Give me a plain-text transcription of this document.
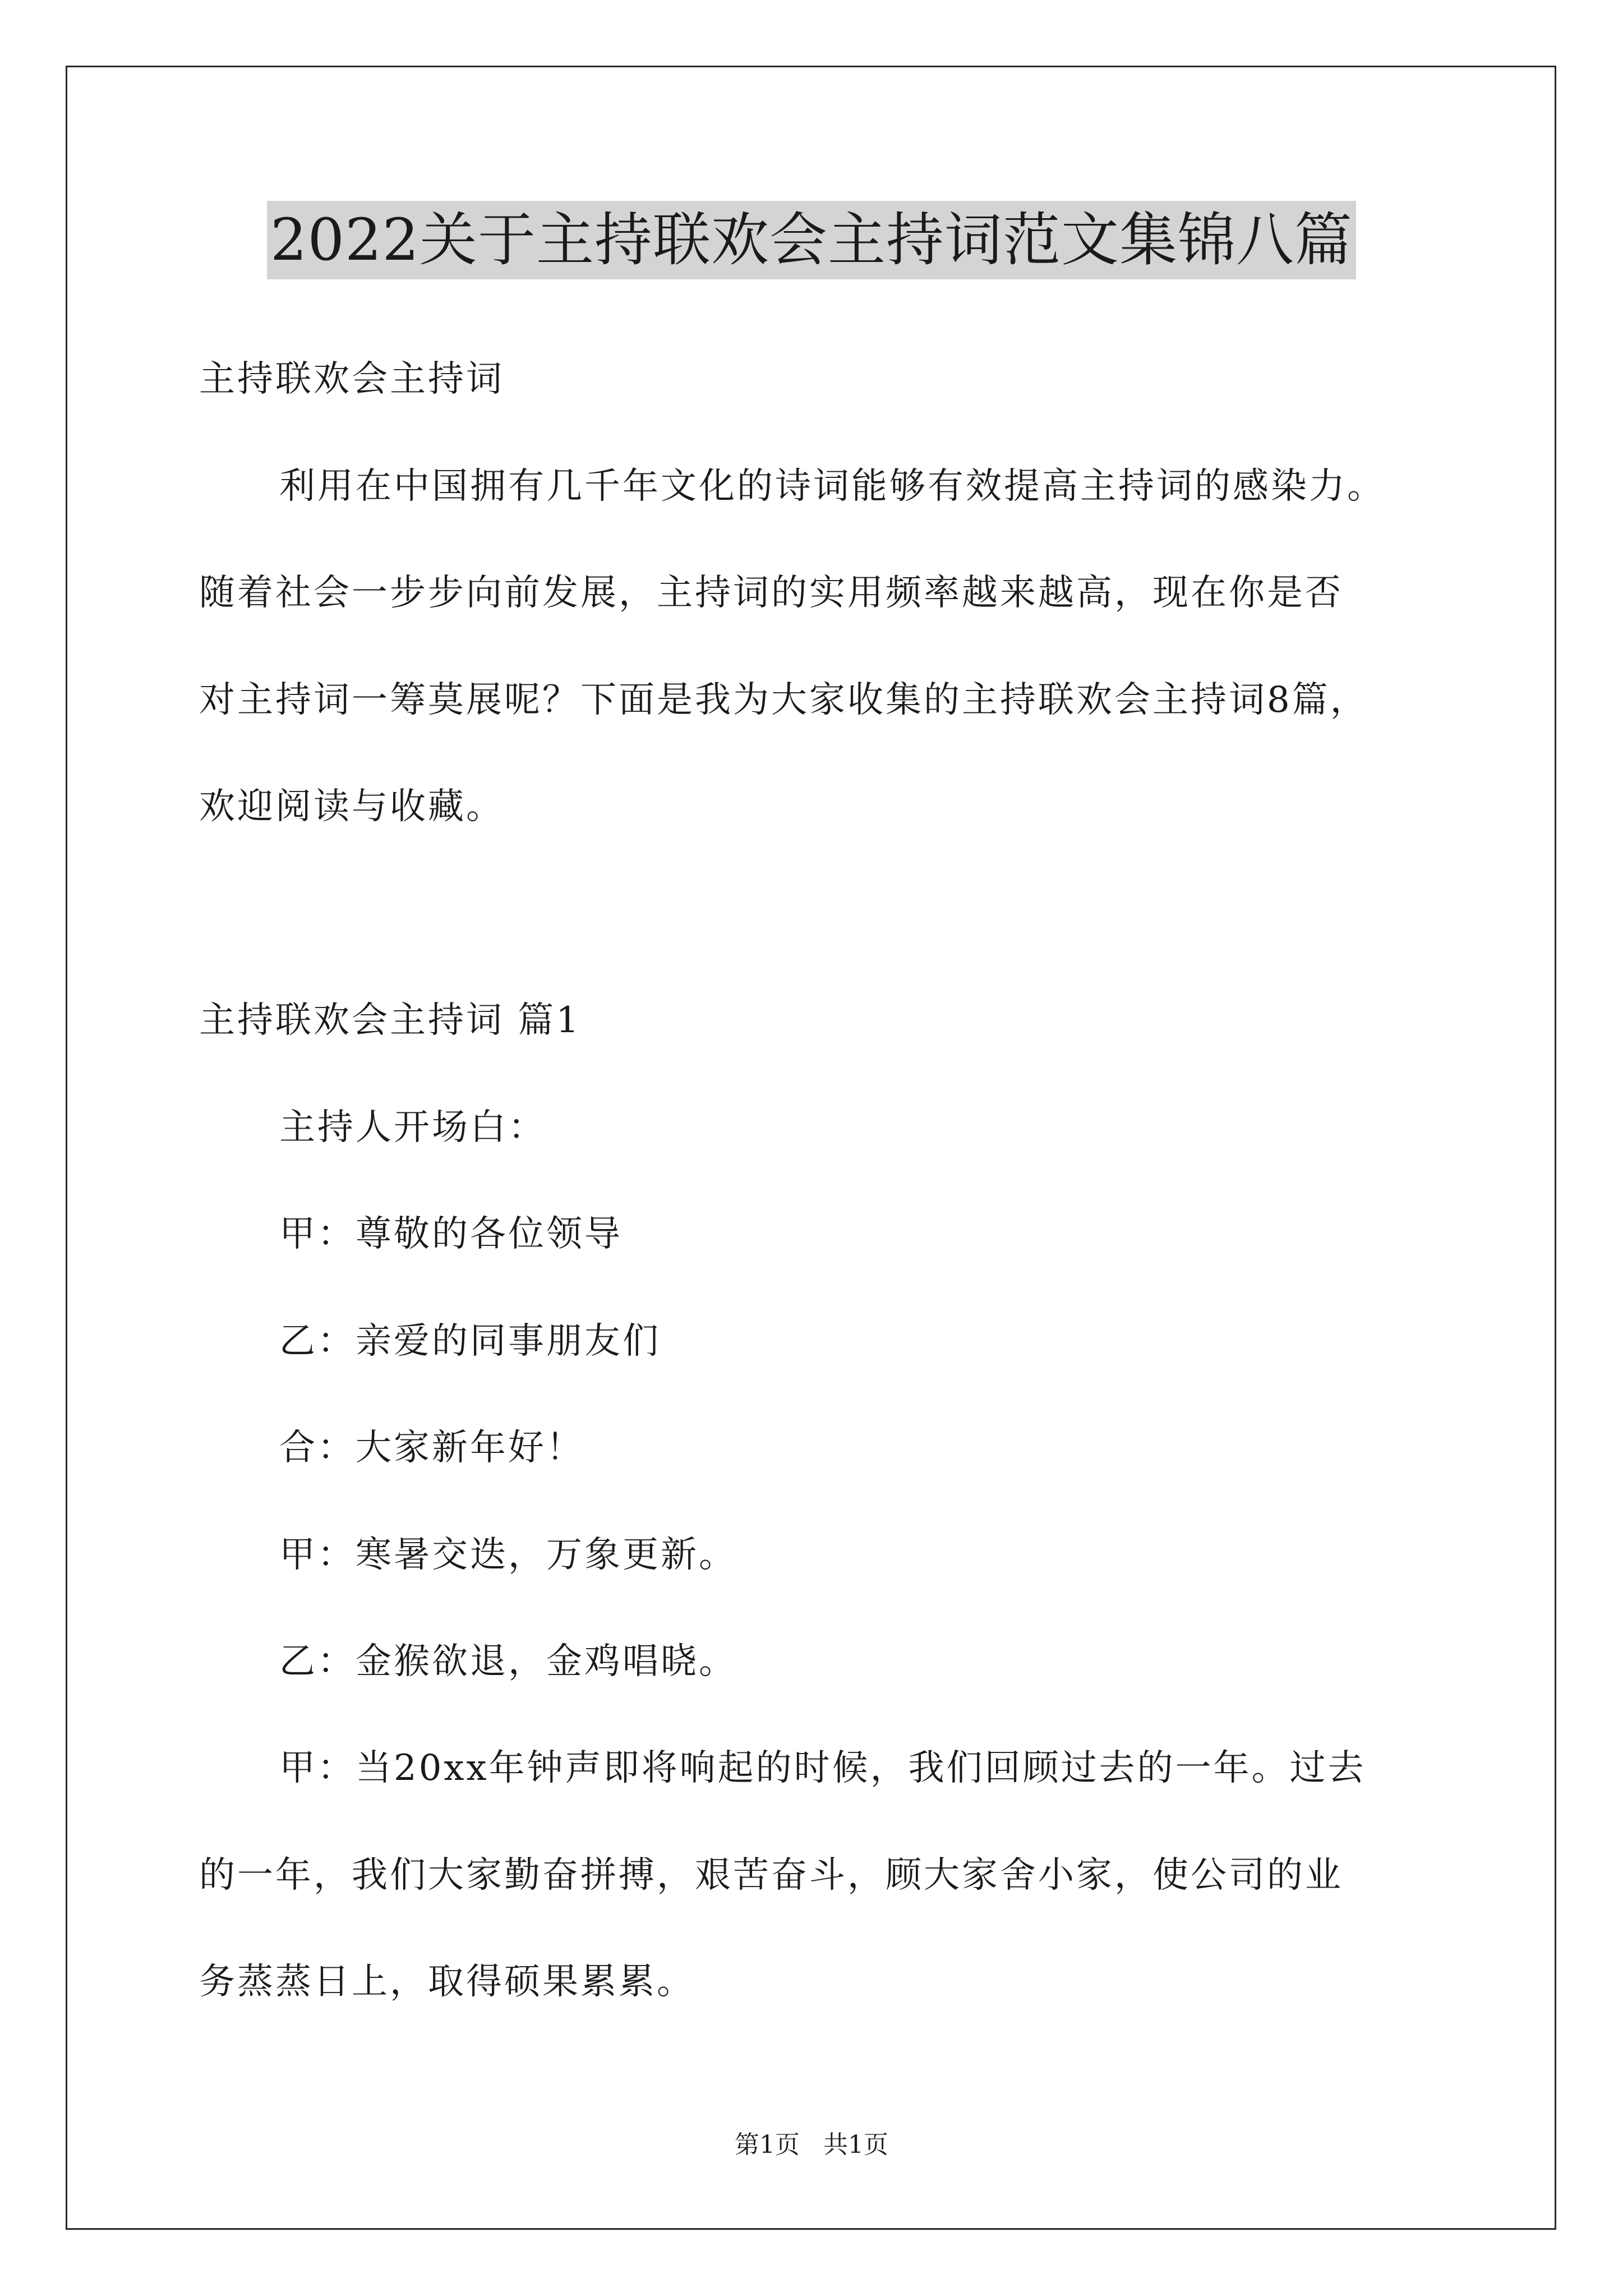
2022关于主持联欢会主持词范文集锦八篇
主持联欢会主持词
利用在中国拥有几千年文化的诗词能够有效提高主持词的感染力。
随着社会一步步向前发展，主持词的实用频率越来越高，现在你是否
对主持词一筹莫展呢？下面是我为大家收集的主持联欢会主持词8篇，
欢迎阅读与收藏。
主持联欢会主持词 篇1
主持人开场白：
甲：尊敬的各位领导
乙：亲爱的同事朋友们
合：大家新年好！
甲：寒暑交迭，万象更新。
乙：金猴欲退，金鸡唱晓。
甲：当20xx年钟声即将响起的时候，我们回顾过去的一年。过去
的一年，我们大家勤奋拼搏，艰苦奋斗，顾大家舍小家，使公司的业
务蒸蒸日上，取得硕果累累。
第1页   共1页
